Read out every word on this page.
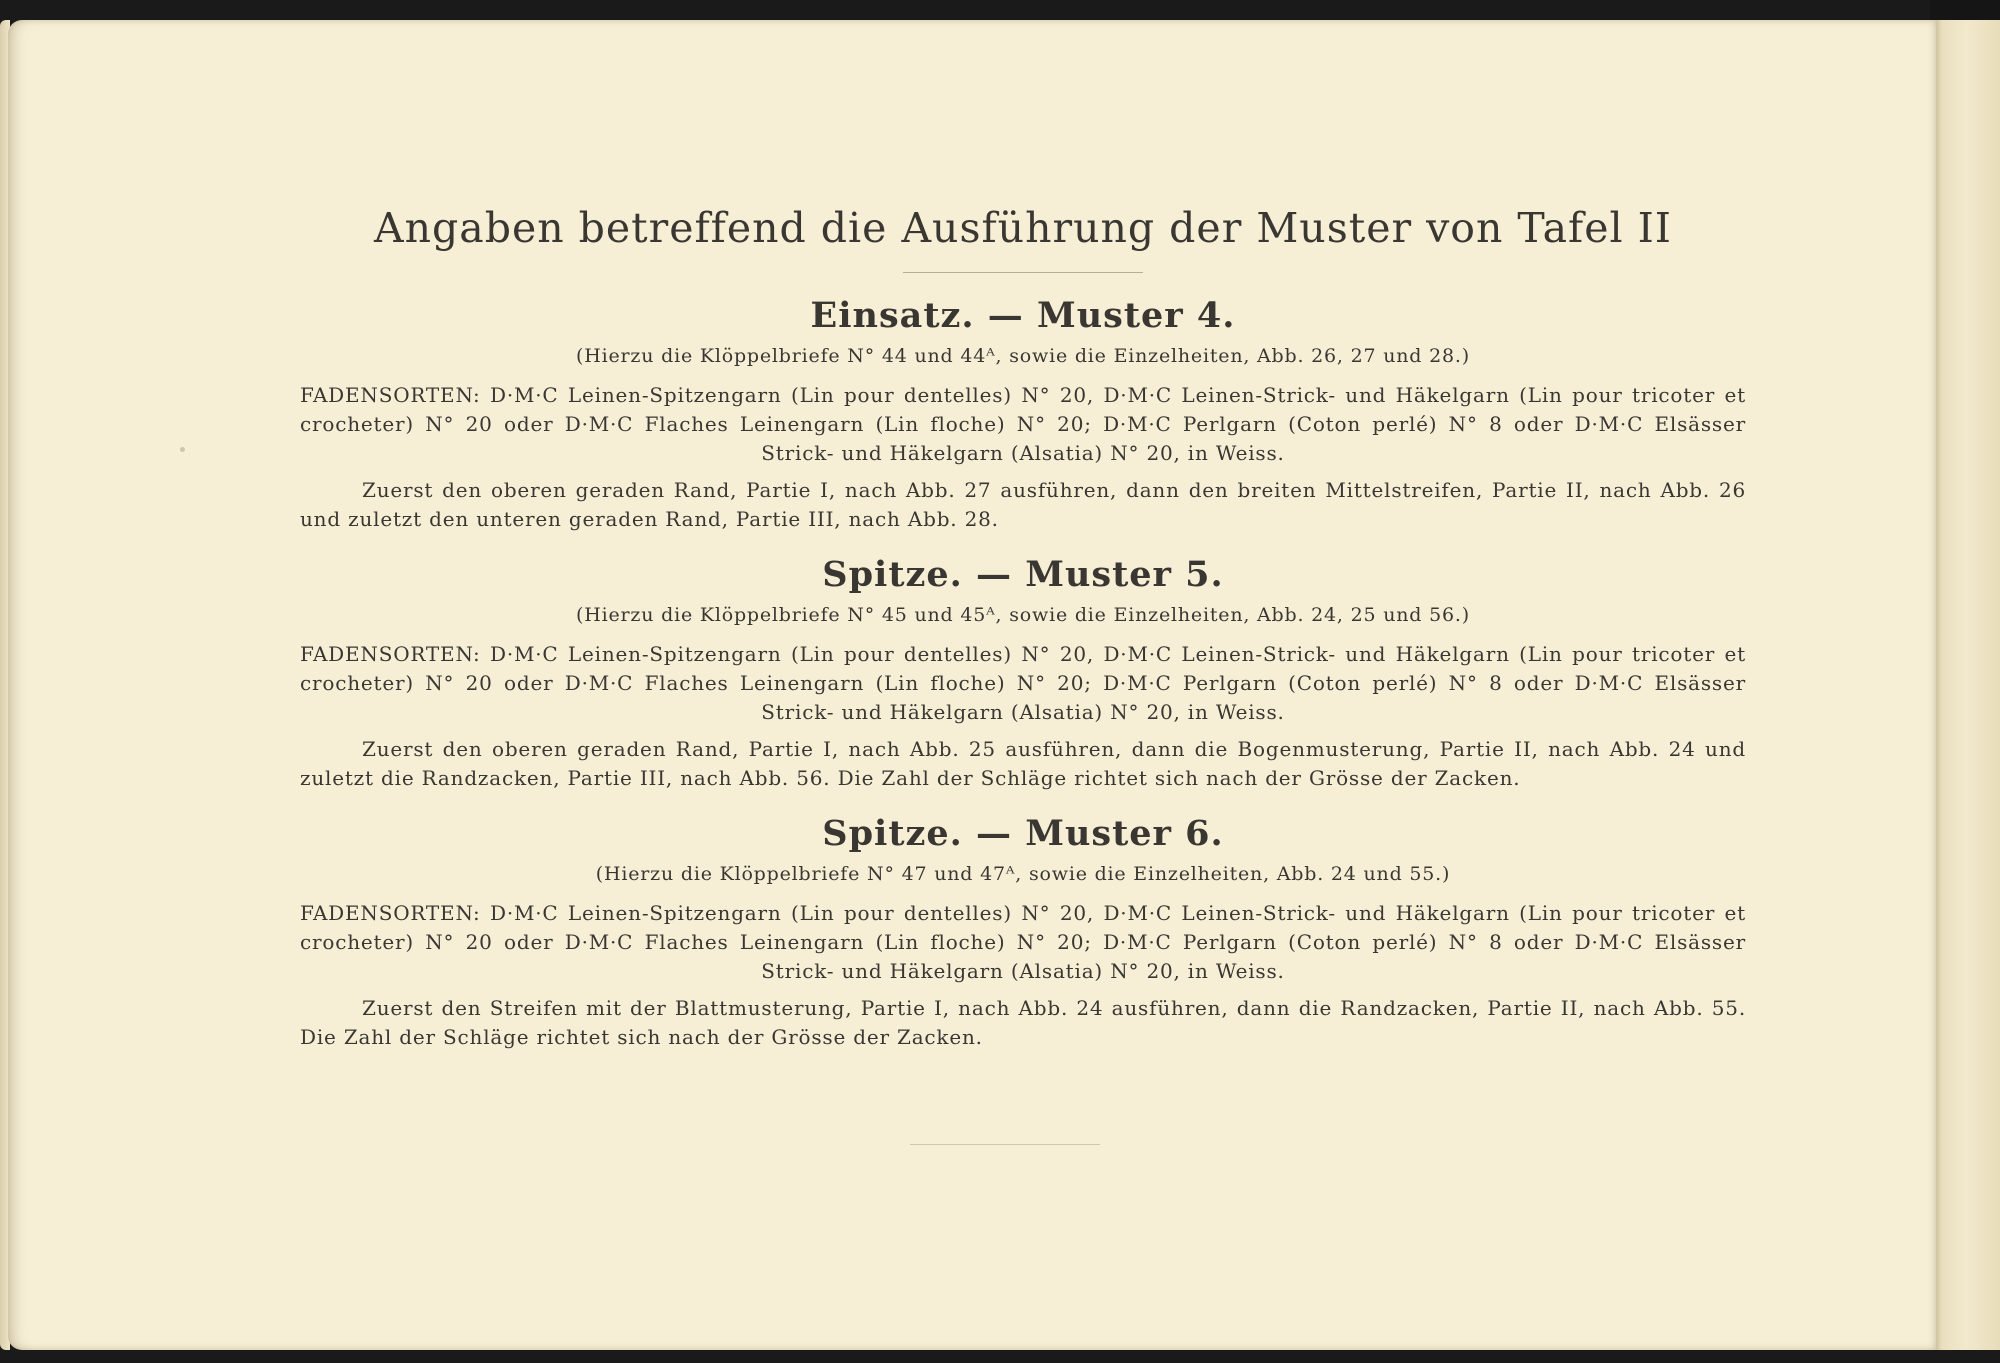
Angaben betreffend die Ausführung der Muster von Tafel II
Einsatz. — Muster 4.

(Hierzu die Klöppelbriefe N° 44 und 44ᴬ, sowie die Einzelheiten, Abb. 26, 27 und 28.)

FADENSORTEN: D·M·C Leinen-Spitzengarn (Lin pour dentelles) N° 20, D·M·C Leinen-Strick- und Häkelgarn (Lin pour tricoter et crocheter) N° 20 oder D·M·C Flaches Leinengarn (Lin floche) N° 20; D·M·C Perlgarn (Coton perlé) N° 8 oder D·M·C Elsässer Strick- und Häkelgarn (Alsatia) N° 20, in Weiss.

Zuerst den oberen geraden Rand, Partie I, nach Abb. 27 ausführen, dann den breiten Mittelstreifen, Partie II, nach Abb. 26 und zuletzt den unteren geraden Rand, Partie III, nach Abb. 28.

Spitze. — Muster 5.

(Hierzu die Klöppelbriefe N° 45 und 45ᴬ, sowie die Einzelheiten, Abb. 24, 25 und 56.)

FADENSORTEN: D·M·C Leinen-Spitzengarn (Lin pour dentelles) N° 20, D·M·C Leinen-Strick- und Häkelgarn (Lin pour tricoter et crocheter) N° 20 oder D·M·C Flaches Leinengarn (Lin floche) N° 20; D·M·C Perlgarn (Coton perlé) N° 8 oder D·M·C Elsässer Strick- und Häkelgarn (Alsatia) N° 20, in Weiss.

Zuerst den oberen geraden Rand, Partie I, nach Abb. 25 ausführen, dann die Bogenmusterung, Partie II, nach Abb. 24 und zuletzt die Randzacken, Partie III, nach Abb. 56. Die Zahl der Schläge richtet sich nach der Grösse der Zacken.

Spitze. — Muster 6.

(Hierzu die Klöppelbriefe N° 47 und 47ᴬ, sowie die Einzelheiten, Abb. 24 und 55.)

FADENSORTEN: D·M·C Leinen-Spitzengarn (Lin pour dentelles) N° 20, D·M·C Leinen-Strick- und Häkelgarn (Lin pour tricoter et crocheter) N° 20 oder D·M·C Flaches Leinengarn (Lin floche) N° 20; D·M·C Perlgarn (Coton perlé) N° 8 oder D·M·C Elsässer Strick- und Häkelgarn (Alsatia) N° 20, in Weiss.

Zuerst den Streifen mit der Blattmusterung, Partie I, nach Abb. 24 ausführen, dann die Randzacken, Partie II, nach Abb. 55. Die Zahl der Schläge richtet sich nach der Grösse der Zacken.
